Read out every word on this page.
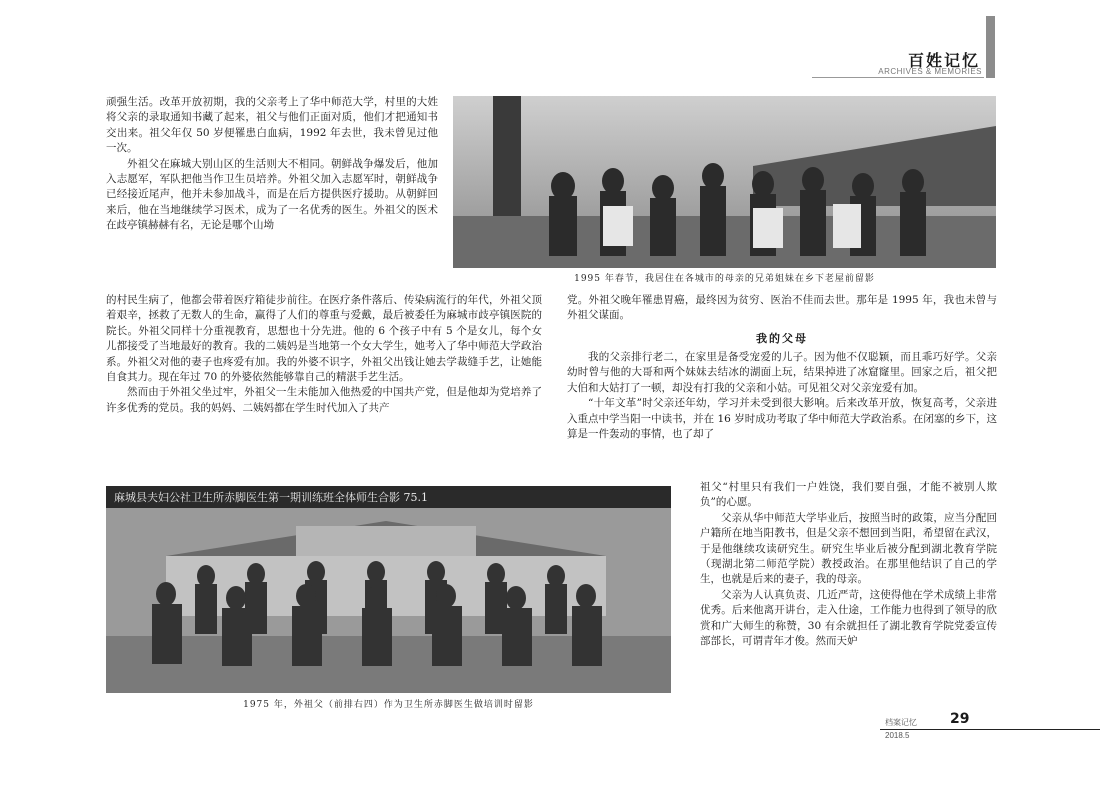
百姓记忆
ARCHIVES & MEMORIES

顽强生活。改革开放初期，我的父亲考上了华中师范大学，村里的大姓将父亲的录取通知书藏了起来，祖父与他们正面对质，他们才把通知书交出来。祖父年仅 50 岁便罹患白血病，1992 年去世，我未曾见过他一次。

外祖父在麻城大别山区的生活则大不相同。朝鲜战争爆发后，他加入志愿军，军队把他当作卫生员培养。外祖父加入志愿军时，朝鲜战争已经接近尾声，他并未参加战斗，而是在后方提供医疗援助。从朝鲜回来后，他在当地继续学习医术，成为了一名优秀的医生。外祖父的医术在歧亭镇赫赫有名，无论是哪个山坳

1995 年春节，我居住在各城市的母亲的兄弟姐妹在乡下老屋前留影

的村民生病了，他都会带着医疗箱徒步前往。在医疗条件落后、传染病流行的年代，外祖父顶着艰辛，拯救了无数人的生命，赢得了人们的尊重与爱戴，最后被委任为麻城市歧亭镇医院的院长。外祖父同样十分重视教育，思想也十分先进。他的 6 个孩子中有 5 个是女儿，每个女儿都接受了当地最好的教育。我的二姨妈是当地第一个女大学生，她考入了华中师范大学政治系。外祖父对他的妻子也疼爱有加。我的外婆不识字，外祖父出钱让她去学裁缝手艺，让她能自食其力。现在年过 70 的外婆依然能够靠自己的精湛手艺生活。

然而由于外祖父坐过牢，外祖父一生未能加入他热爱的中国共产党，但是他却为党培养了许多优秀的党员。我的妈妈、二姨妈都在学生时代加入了共产

党。外祖父晚年罹患胃癌，最终因为贫穷、医治不佳而去世。那年是 1995 年，我也未曾与外祖父谋面。

我的父母

我的父亲排行老二，在家里是备受宠爱的儿子。因为他不仅聪颖，而且乖巧好学。父亲幼时曾与他的大哥和两个妹妹去结冰的湖面上玩，结果掉进了冰窟窿里。回家之后，祖父把大伯和大姑打了一顿，却没有打我的父亲和小姑。可见祖父对父亲宠爱有加。

“十年文革”时父亲还年幼，学习并未受到很大影响。后来改革开放，恢复高考，父亲进入重点中学当阳一中读书，并在 16 岁时成功考取了华中师范大学政治系。在闭塞的乡下，这算是一件轰动的事情，也了却了

麻城县夫妇公社卫生所赤脚医生第一期训练班全体师生合影 75.1
1975 年，外祖父（前排右四）作为卫生所赤脚医生做培训时留影

祖父“村里只有我们一户姓饶，我们要自强，才能不被别人欺负”的心愿。

父亲从华中师范大学毕业后，按照当时的政策，应当分配回户籍所在地当阳教书，但是父亲不想回到当阳，希望留在武汉，于是他继续攻读研究生。研究生毕业后被分配到湖北教育学院（现湖北第二师范学院）教授政治。在那里他结识了自己的学生，也就是后来的妻子，我的母亲。

父亲为人认真负责、几近严苛，这使得他在学术成绩上非常优秀。后来他离开讲台，走入仕途，工作能力也得到了领导的欣赏和广大师生的称赞，30 有余就担任了湖北教育学院党委宣传部部长，可谓青年才俊。然而天妒

档案记忆 29
2018.5
